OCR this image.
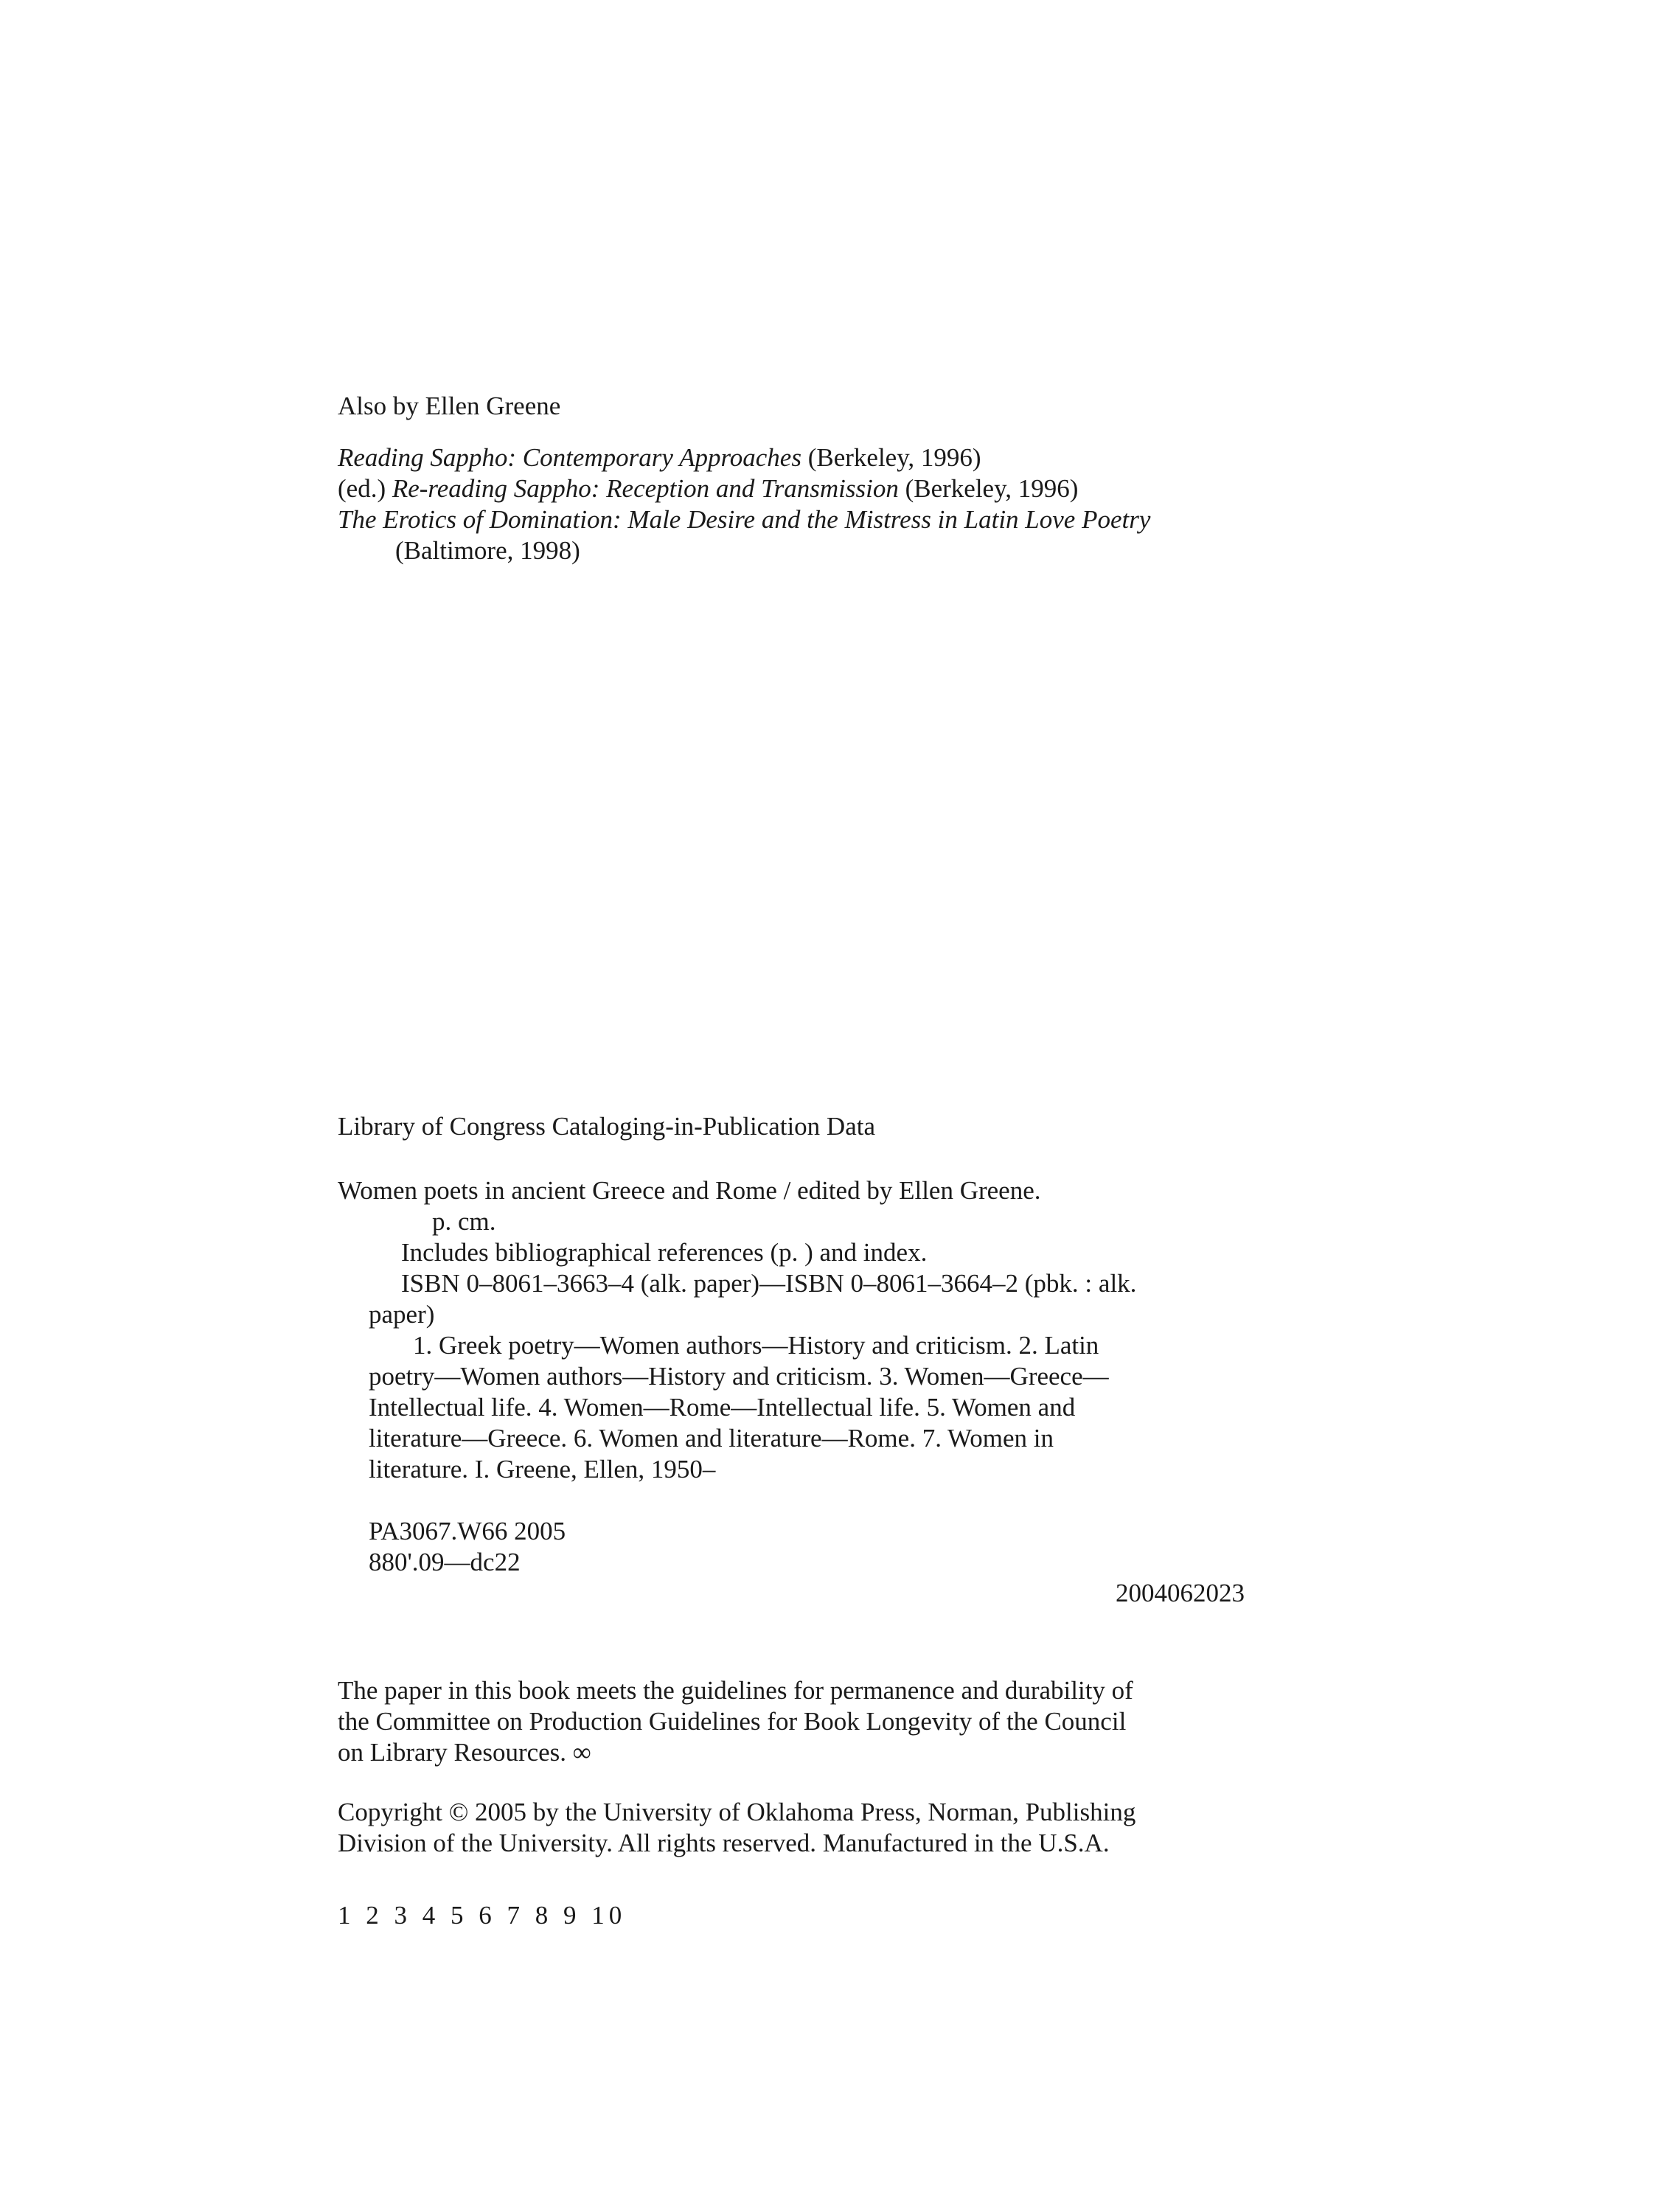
Also by Ellen Greene
Reading Sappho: Contemporary Approaches (Berkeley, 1996)
(ed.) Re-reading Sappho: Reception and Transmission (Berkeley, 1996)
The Erotics of Domination: Male Desire and the Mistress in Latin Love Poetry
(Baltimore, 1998)
Library of Congress Cataloging-in-Publication Data
Women poets in ancient Greece and Rome / edited by Ellen Greene.
p. cm.
Includes bibliographical references (p. ) and index.
ISBN 0–8061–3663–4 (alk. paper)—ISBN 0–8061–3664–2 (pbk. : alk.
paper)
1. Greek poetry—Women authors—History and criticism. 2. Latin
poetry—Women authors—History and criticism. 3. Women—Greece—
Intellectual life. 4. Women—Rome—Intellectual life. 5. Women and
literature—Greece. 6. Women and literature—Rome. 7. Women in
literature. I. Greene, Ellen, 1950–
PA3067.W66 2005
880'.09—dc22
2004062023
The paper in this book meets the guidelines for permanence and durability of
the Committee on Production Guidelines for Book Longevity of the Council
on Library Resources. ∞
Copyright © 2005 by the University of Oklahoma Press, Norman, Publishing
Division of the University. All rights reserved. Manufactured in the U.S.A.
1 2 3 4 5 6 7 8 9 10
